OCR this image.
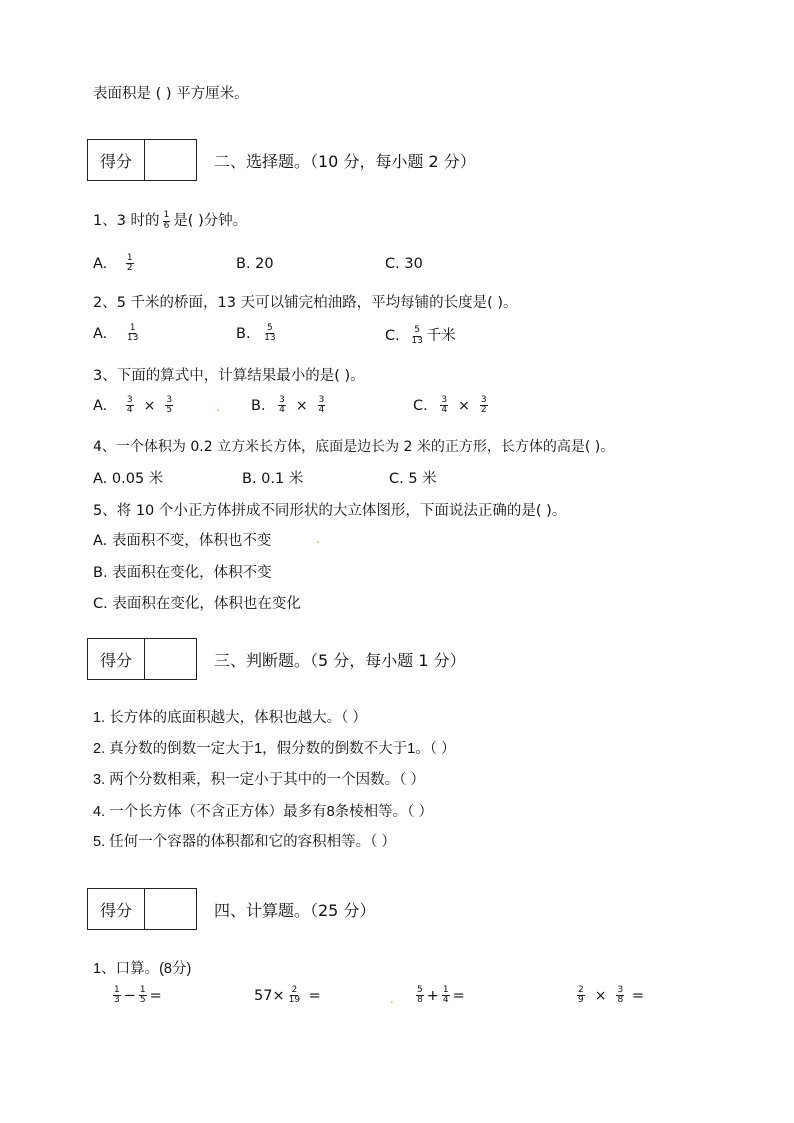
表面积是 ( ) 平方厘米。
得分	二、选择题。（10 分，每小题 2 分）
1、3 时的 $\frac{1}{6}$ 是( )分钟。
A. $\frac{1}{2}$	B. 20	C. 30
2、5 千米的桥面，13 天可以铺完柏油路，平均每铺的长度是( )。
A. $\frac{1}{13}$	B. $\frac{5}{13}$	C. $\frac{5}{13}$ 千米
3、下面的算式中，计算结果最小的是( )。
A. $\frac{3}{4} \times \frac{3}{5}$	. B. $\frac{3}{4} \times \frac{3}{4}$	C. $\frac{3}{4} \times \frac{3}{2}$
4、一个体积为 0.2 立方米长方体，底面是边长为 2 米的正方形，长方体的高是( )。
A. 0.05 米	B. 0.1 米	C. 5 米
5、将 10 个小正方体拼成不同形状的大立体图形，下面说法正确的是( )。
A. 表面积不变，体积也不变	.
B. 表面积在变化，体积不变
C. 表面积在变化，体积也在变化
得分	三、判断题。（5 分，每小题 1 分）
1. 长方体的底面积越大，体积也越大。（ ）
2. 真分数的倒数一定大于1，假分数的倒数不大于1。（ ）
3. 两个分数相乘，积一定小于其中的一个因数。（ ）
4. 一个长方体（不含正方体）最多有8条棱相等。（ ）
5. 任何一个容器的体积都和它的容积相等。（ ）
得分	四、计算题。（25 分）
1、口算。(8分)
$\frac{1}{3} - \frac{1}{5}$ =	$57\times \frac{2}{19}$ =	. $\frac{5}{8} + \frac{1}{4}$ =	$\frac{2}{9} \times \frac{3}{8}$ =
